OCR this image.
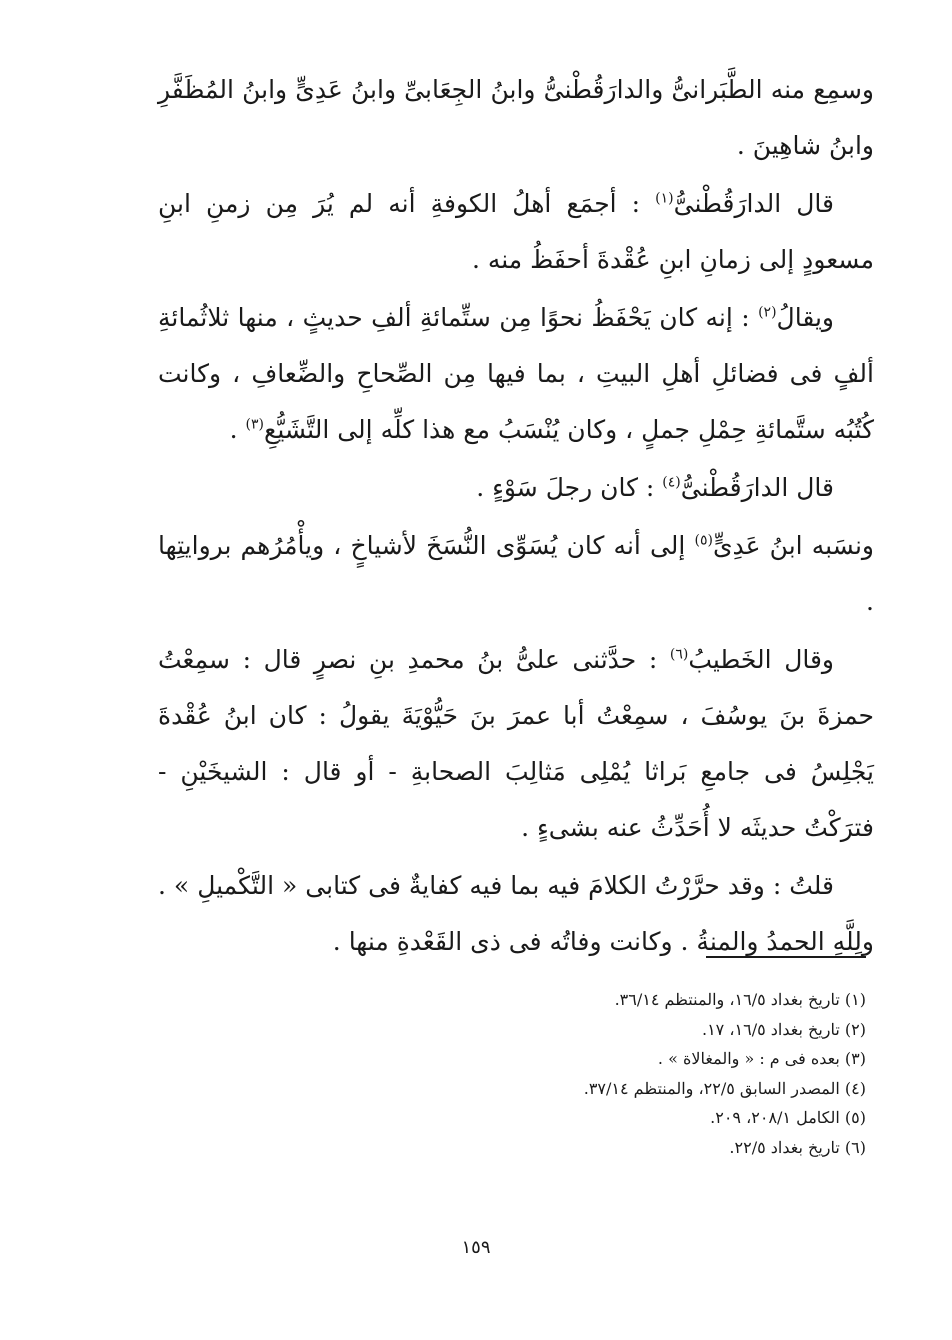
وسمِع منه الطَّبَرانىُّ والدارَقُطْنىُّ وابنُ الجِعَابىِّ وابنُ عَدِىٍّ وابنُ المُظَفَّرِ وابنُ شاهِينَ .

قال الدارَقُطْنىُّ$^{(١)}$ : أجمَع أهلُ الكوفةِ أنه لم يُرَ مِن زمنِ ابنِ مسعودٍ إلى زمانِ ابنِ عُقْدةَ أحفَظُ منه .

ويقالُ$^{(٢)}$ : إنه كان يَحْفَظُ نحوًا مِن ستِّمائةِ ألفِ حديثٍ ، منها ثلاثُمائةِ ألفٍ فى فضائلِ أهلِ البيتِ ، بما فيها مِن الصِّحاحِ والضِّعافِ ، وكانت كُتُبُه ستَّمائةِ حِمْلِ جملٍ ، وكان يُنْسَبُ مع هذا كلِّه إلى التَّشَيُّعِ$^{(٣)}$ .

قال الدارَقُطْنىُّ$^{(٤)}$ : كان رجلَ سَوْءٍ .

ونسَبه ابنُ عَدِىٍّ$^{(٥)}$ إلى أنه كان يُسَوِّى النُّسَخَ لأشياخٍ ، ويأْمُرُهم بروايتِها .

وقال الخَطيبُ$^{(٦)}$ : حدَّثنى علىُّ بنُ محمدِ بنِ نصرٍ قال : سمِعْتُ حمزةَ بنَ يوسُفَ ، سمِعْتُ أبا عمرَ بنَ حَيُّوْيَةَ يقولُ : كان ابنُ عُقْدةَ يَجْلِسُ فى جامعِ بَراثا يُمْلِى مَثالِبَ الصحابةِ - أو قال : الشيخَيْنِ - فترَكْتُ حديثَه لا أُحَدِّثُ عنه بشىءٍ .

قلتُ : وقد حرَّرْتُ الكلامَ فيه بما فيه كفايةٌ فى كتابى « التَّكْميلِ » . ولِلَّهِ الحمدُ والمنةُ . وكانت وفاتُه فى ذى القَعْدةِ منها .

(١) تاريخ بغداد ١٦/٥، والمنتظم ٣٦/١٤.
(٢) تاريخ بغداد ١٦/٥، ١٧.
(٣) بعده فى م : « والمغالاة » .
(٤) المصدر السابق ٢٢/٥، والمنتظم ٣٧/١٤.
(٥) الكامل ٢٠٨/١، ٢٠٩.
(٦) تاريخ بغداد ٢٢/٥.
١٥٩
